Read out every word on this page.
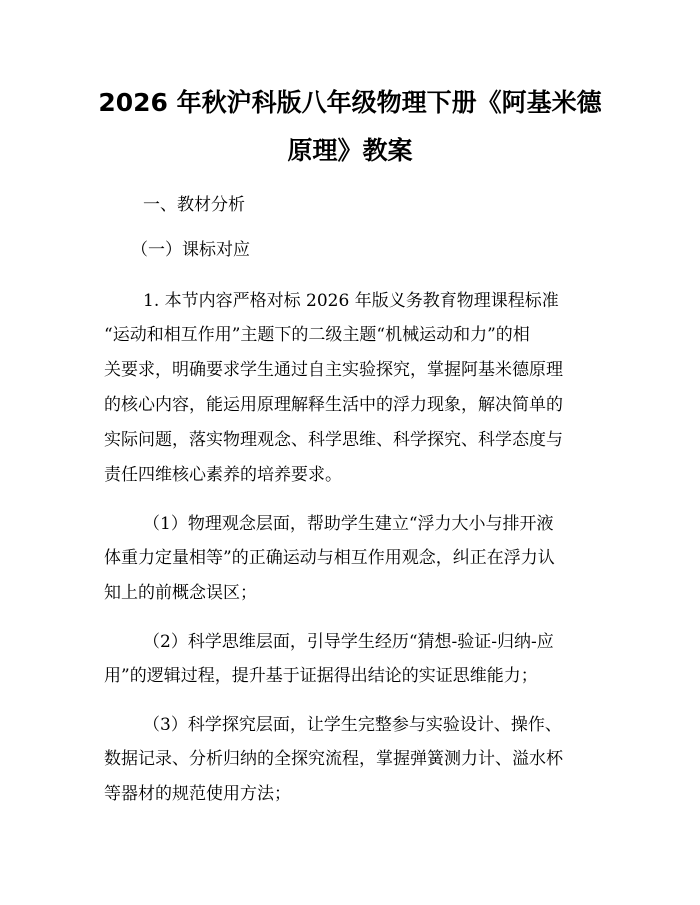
2026 年秋沪科版八年级物理下册《阿基米德
原理》教案
一、教材分析
（一）课标对应
1. 本节内容严格对标 2026 年版义务教育物理课程标准
“运动和相互作用”主题下的二级主题“机械运动和力”的相
关要求，明确要求学生通过自主实验探究，掌握阿基米德原理
的核心内容，能运用原理解释生活中的浮力现象，解决简单的
实际问题，落实物理观念、科学思维、科学探究、科学态度与
责任四维核心素养的培养要求。
（1）物理观念层面，帮助学生建立“浮力大小与排开液
体重力定量相等”的正确运动与相互作用观念，纠正在浮力认
知上的前概念误区；
（2）科学思维层面，引导学生经历“猜想-验证-归纳-应
用”的逻辑过程，提升基于证据得出结论的实证思维能力；
（3）科学探究层面，让学生完整参与实验设计、操作、
数据记录、分析归纳的全探究流程，掌握弹簧测力计、溢水杯
等器材的规范使用方法；
